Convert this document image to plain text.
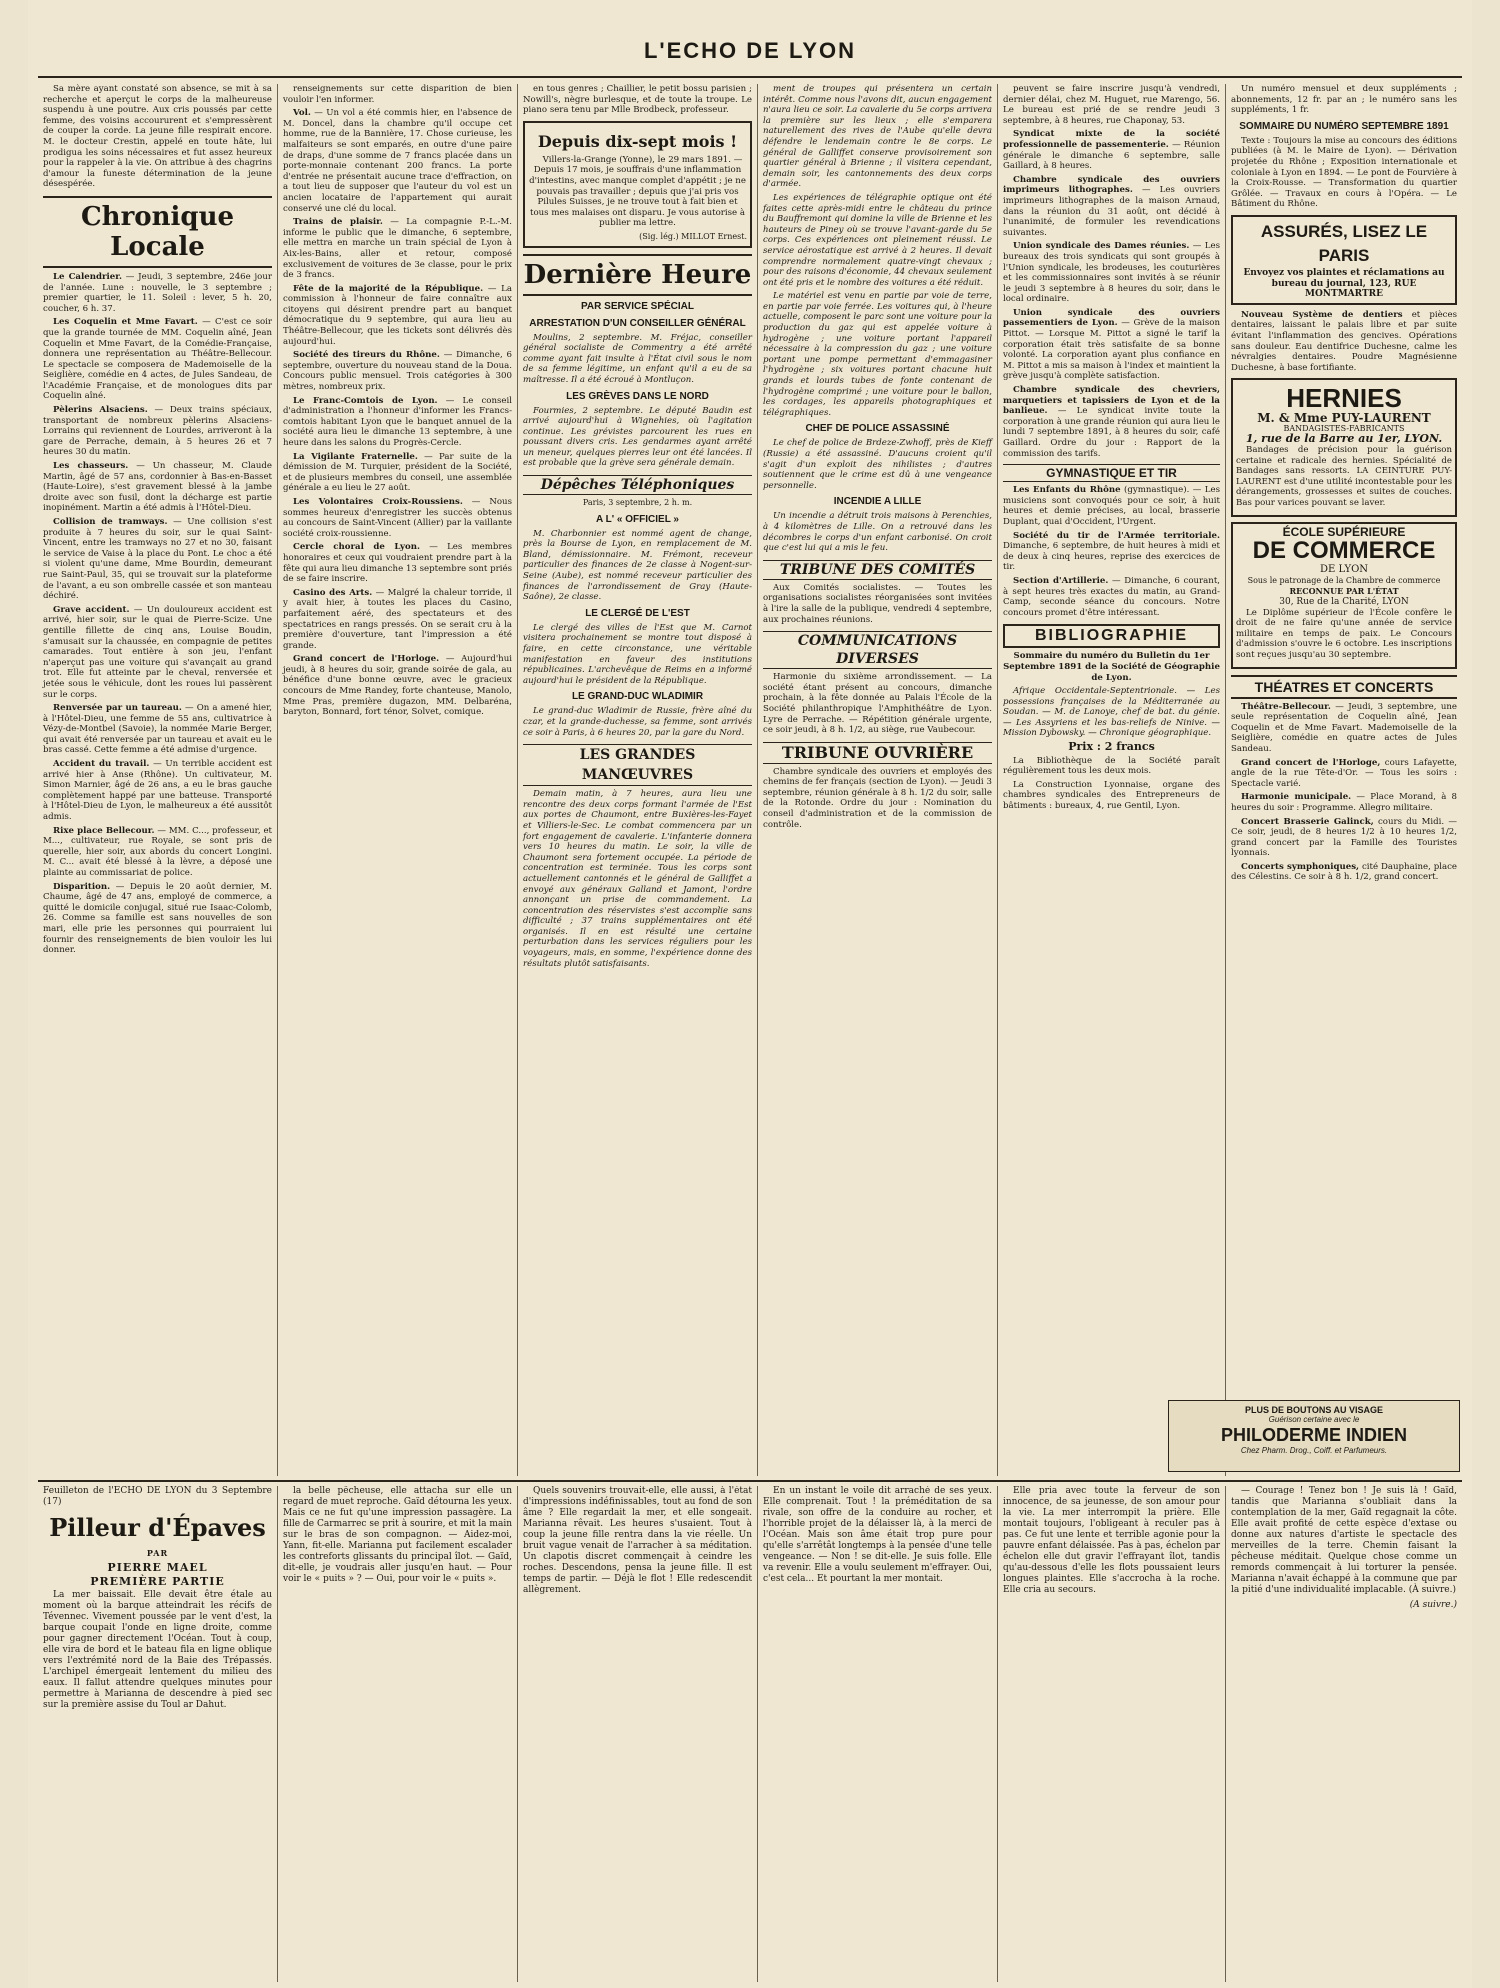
L'ECHO DE LYON

Sa mère ayant constaté son absence, se mit à sa recherche et aperçut le corps de la malheureuse suspendu à une poutre. Aux cris poussés par cette femme, des voisins accoururent et s'empressèrent de couper la corde. La jeune fille respirait encore. M. le docteur Crestin, appelé en toute hâte, lui prodigua les soins nécessaires et fut assez heureux pour la rappeler à la vie. On attribue à des chagrins d'amour la funeste détermination de la jeune désespérée.

Chronique Locale

Le Calendrier. — Jeudi, 3 septembre, 246e jour de l'année. Lune : nouvelle, le 3 septembre ; premier quartier, le 11. Soleil : lever, 5 h. 20, coucher, 6 h. 37.

Les Coquelin et Mme Favart. — C'est ce soir que la grande tournée de MM. Coquelin aîné, Jean Coquelin et Mme Favart, de la Comédie-Française, donnera une représentation au Théâtre-Bellecour. Le spectacle se composera de Mademoiselle de la Seiglière, comédie en 4 actes, de Jules Sandeau, de l'Académie Française, et de monologues dits par Coquelin aîné.

Pèlerins Alsaciens. — Deux trains spéciaux, transportant de nombreux pèlerins Alsaciens-Lorrains qui reviennent de Lourdes, arriveront à la gare de Perrache, demain, à 5 heures 26 et 7 heures 30 du matin.

Les chasseurs. — Un chasseur, M. Claude Martin, âgé de 57 ans, cordonnier à Bas-en-Basset (Haute-Loire), s'est gravement blessé à la jambe droite avec son fusil, dont la décharge est partie inopinément. Martin a été admis à l'Hôtel-Dieu.

Collision de tramways. — Une collision s'est produite à 7 heures du soir, sur le quai Saint-Vincent, entre les tramways no 27 et no 30, faisant le service de Vaise à la place du Pont. Le choc a été si violent qu'une dame, Mme Bourdin, demeurant rue Saint-Paul, 35, qui se trouvait sur la plateforme de l'avant, a eu son ombrelle cassée et son manteau déchiré.

Grave accident. — Un douloureux accident est arrivé, hier soir, sur le quai de Pierre-Scize. Une gentille fillette de cinq ans, Louise Boudin, s'amusait sur la chaussée, en compagnie de petites camarades. Tout entière à son jeu, l'enfant n'aperçut pas une voiture qui s'avançait au grand trot. Elle fut atteinte par le cheval, renversée et jetée sous le véhicule, dont les roues lui passèrent sur le corps.

Renversée par un taureau. — On a amené hier, à l'Hôtel-Dieu, une femme de 55 ans, cultivatrice à Vézy-de-Montbel (Savoie), la nommée Marie Berger, qui avait été renversée par un taureau et avait eu le bras cassé. Cette femme a été admise d'urgence.

Accident du travail. — Un terrible accident est arrivé hier à Anse (Rhône). Un cultivateur, M. Simon Marnier, âgé de 26 ans, a eu le bras gauche complètement happé par une batteuse. Transporté à l'Hôtel-Dieu de Lyon, le malheureux a été aussitôt admis.

Rixe place Bellecour. — MM. C..., professeur, et M..., cultivateur, rue Royale, se sont pris de querelle, hier soir, aux abords du concert Longini. M. C... avait été blessé à la lèvre, a déposé une plainte au commissariat de police.

Disparition. — Depuis le 20 août dernier, M. Chaume, âgé de 47 ans, employé de commerce, a quitté le domicile conjugal, situé rue Isaac-Colomb, 26. Comme sa famille est sans nouvelles de son mari, elle prie les personnes qui pourraient lui fournir des renseignements de bien vouloir les lui donner.

renseignements sur cette disparition de bien vouloir l'en informer.

Vol. — Un vol a été commis hier, en l'absence de M. Doncel, dans la chambre qu'il occupe cet homme, rue de la Bannière, 17. Chose curieuse, les malfaiteurs se sont emparés, en outre d'une paire de draps, d'une somme de 7 francs placée dans un porte-monnaie contenant 200 francs. La porte d'entrée ne présentait aucune trace d'effraction, on a tout lieu de supposer que l'auteur du vol est un ancien locataire de l'appartement qui aurait conservé une clé du local.

Trains de plaisir. — La compagnie P.-L.-M. informe le public que le dimanche, 6 septembre, elle mettra en marche un train spécial de Lyon à Aix-les-Bains, aller et retour, composé exclusivement de voitures de 3e classe, pour le prix de 3 francs.

Fête de la majorité de la République. — La commission à l'honneur de faire connaître aux citoyens qui désirent prendre part au banquet démocratique du 9 septembre, qui aura lieu au Théâtre-Bellecour, que les tickets sont délivrés dès aujourd'hui.

Société des tireurs du Rhône. — Dimanche, 6 septembre, ouverture du nouveau stand de la Doua. Concours public mensuel. Trois catégories à 300 mètres, nombreux prix.

Le Franc-Comtois de Lyon. — Le conseil d'administration a l'honneur d'informer les Francs-comtois habitant Lyon que le banquet annuel de la société aura lieu le dimanche 13 septembre, à une heure dans les salons du Progrès-Cercle.

La Vigilante Fraternelle. — Par suite de la démission de M. Turquier, président de la Société, et de plusieurs membres du conseil, une assemblée générale a eu lieu le 27 août.

Les Volontaires Croix-Roussiens. — Nous sommes heureux d'enregistrer les succès obtenus au concours de Saint-Vincent (Allier) par la vaillante société croix-roussienne.

Cercle choral de Lyon. — Les membres honoraires et ceux qui voudraient prendre part à la fête qui aura lieu dimanche 13 septembre sont priés de se faire inscrire.

Casino des Arts. — Malgré la chaleur torride, il y avait hier, à toutes les places du Casino, parfaitement aéré, des spectateurs et des spectatrices en rangs pressés. On se serait cru à la première d'ouverture, tant l'impression a été grande.

Grand concert de l'Horloge. — Aujourd'hui jeudi, à 8 heures du soir, grande soirée de gala, au bénéfice d'une bonne œuvre, avec le gracieux concours de Mme Randey, forte chanteuse, Manolo, Mme Pras, première dugazon, MM. Delbaréna, baryton, Bonnard, fort ténor, Solvet, comique.

en tous genres ; Chaillier, le petit bossu parisien ; Nowill's, nègre burlesque, et de toute la troupe. Le piano sera tenu par Mlle Brodbeck, professeur.

Depuis dix-sept mois !

Villers-la-Grange (Yonne), le 29 mars 1891. — Depuis 17 mois, je souffrais d'une inflammation d'intestins, avec manque complet d'appétit ; je ne pouvais pas travailler ; depuis que j'ai pris vos Pilules Suisses, je ne trouve tout à fait bien et tous mes malaises ont disparu. Je vous autorise à publier ma lettre.

(Sig. lég.) MILLOT Ernest.
Dernière Heure
PAR SERVICE SPÉCIAL
ARRESTATION D'UN CONSEILLER GÉNÉRAL

Moulins, 2 septembre. M. Fréjac, conseiller général socialiste de Commentry a été arrêté comme ayant fait insulte à l'État civil sous le nom de sa femme légitime, un enfant qu'il a eu de sa maîtresse. Il a été écroué à Montluçon.

LES GRÈVES DANS LE NORD

Fourmies, 2 septembre. Le député Baudin est arrivé aujourd'hui à Wignehies, où l'agitation continue. Les grévistes parcourent les rues en poussant divers cris. Les gendarmes ayant arrêté un meneur, quelques pierres leur ont été lancées. Il est probable que la grève sera générale demain.

Dépêches Téléphoniques
Paris, 3 septembre, 2 h. m.
A L' « OFFICIEL »

M. Charbonnier est nommé agent de change, près la Bourse de Lyon, en remplacement de M. Bland, démissionnaire. M. Frémont, receveur particulier des finances de 2e classe à Nogent-sur-Seine (Aube), est nommé receveur particulier des finances de l'arrondissement de Gray (Haute-Saône), 2e classe.

LE CLERGÉ DE L'EST

Le clergé des villes de l'Est que M. Carnot visitera prochainement se montre tout disposé à faire, en cette circonstance, une véritable manifestation en faveur des institutions républicaines. L'archevêque de Reims en a informé aujourd'hui le président de la République.

LE GRAND-DUC WLADIMIR

Le grand-duc Wladimir de Russie, frère aîné du czar, et la grande-duchesse, sa femme, sont arrivés ce soir à Paris, à 6 heures 20, par la gare du Nord.

LES GRANDES MANŒUVRES

Demain matin, à 7 heures, aura lieu une rencontre des deux corps formant l'armée de l'Est aux portes de Chaumont, entre Buxières-les-Fayet et Villiers-le-Sec. Le combat commencera par un fort engagement de cavalerie. L'infanterie donnera vers 10 heures du matin. Le soir, la ville de Chaumont sera fortement occupée. La période de concentration est terminée. Tous les corps sont actuellement cantonnés et le général de Galliffet a envoyé aux généraux Galland et Jamont, l'ordre annonçant un prise de commandement. La concentration des réservistes s'est accomplie sans difficulté ; 37 trains supplémentaires ont été organisés. Il en est résulté une certaine perturbation dans les services réguliers pour les voyageurs, mais, en somme, l'expérience donne des résultats plutôt satisfaisants.

ment de troupes qui présentera un certain intérêt. Comme nous l'avons dit, aucun engagement n'aura lieu ce soir. La cavalerie du 5e corps arrivera la première sur les lieux ; elle s'emparera naturellement des rives de l'Aube qu'elle devra défendre le lendemain contre le 8e corps. Le général de Galliffet conserve provisoirement son quartier général à Brienne ; il visitera cependant, demain soir, les cantonnements des deux corps d'armée.

Les expériences de télégraphie optique ont été faites cette après-midi entre le château du prince du Bauffremont qui domine la ville de Brienne et les hauteurs de Piney où se trouve l'avant-garde du 5e corps. Ces expériences ont pleinement réussi. Le service aérostatique est arrivé à 2 heures. Il devait comprendre normalement quatre-vingt chevaux ; pour des raisons d'économie, 44 chevaux seulement ont été pris et le nombre des voitures a été réduit.

Le matériel est venu en partie par voie de terre, en partie par voie ferrée. Les voitures qui, à l'heure actuelle, composent le parc sont une voiture pour la production du gaz qui est appelée voiture à hydrogène ; une voiture portant l'appareil nécessaire à la compression du gaz ; une voiture portant une pompe permettant d'emmagasiner l'hydrogène ; six voitures portant chacune huit grands et lourds tubes de fonte contenant de l'hydrogène comprimé ; une voiture pour le ballon, les cordages, les appareils photographiques et télégraphiques.

CHEF DE POLICE ASSASSINÉ

Le chef de police de Brdeze-Zwhoff, près de Kieff (Russie) a été assassiné. D'aucuns croient qu'il s'agit d'un exploit des nihilistes ; d'autres soutiennent que le crime est dû à une vengeance personnelle.

INCENDIE A LILLE

Un incendie a détruit trois maisons à Perenchies, à 4 kilomètres de Lille. On a retrouvé dans les décombres le corps d'un enfant carbonisé. On croit que c'est lui qui a mis le feu.

TRIBUNE DES COMITÉS

Aux Comités socialistes. — Toutes les organisations socialistes réorganisées sont invitées à l'ire la salle de la publique, vendredi 4 septembre, aux prochaines réunions.

COMMUNICATIONS DIVERSES

Harmonie du sixième arrondissement. — La société étant présent au concours, dimanche prochain, à la fête donnée au Palais l'École de la Société philanthropique l'Amphithéâtre de Lyon. Lyre de Perrache. — Répétition générale urgente, ce soir jeudi, à 8 h. 1/2, au siège, rue Vaubecour.

TRIBUNE OUVRIÈRE

Chambre syndicale des ouvriers et employés des chemins de fer français (section de Lyon). — Jeudi 3 septembre, réunion générale à 8 h. 1/2 du soir, salle de la Rotonde. Ordre du jour : Nomination du conseil d'administration et de la commission de contrôle.

peuvent se faire inscrire jusqu'à vendredi, dernier délai, chez M. Huguet, rue Marengo, 56. Le bureau est prié de se rendre jeudi 3 septembre, à 8 heures, rue Chaponay, 53.

Syndicat mixte de la société professionnelle de passementerie. — Réunion générale le dimanche 6 septembre, salle Gaillard, à 8 heures.

Chambre syndicale des ouvriers imprimeurs lithographes. — Les ouvriers imprimeurs lithographes de la maison Arnaud, dans la réunion du 31 août, ont décidé à l'unanimité, de formuler les revendications suivantes.

Union syndicale des Dames réunies. — Les bureaux des trois syndicats qui sont groupés à l'Union syndicale, les brodeuses, les couturières et les commissionnaires sont invités à se réunir le jeudi 3 septembre à 8 heures du soir, dans le local ordinaire.

Union syndicale des ouvriers passementiers de Lyon. — Grève de la maison Pittot. — Lorsque M. Pittot a signé le tarif la corporation était très satisfaite de sa bonne volonté. La corporation ayant plus confiance en M. Pittot a mis sa maison à l'index et maintient la grève jusqu'à complète satisfaction.

Chambre syndicale des chevriers, marquetiers et tapissiers de Lyon et de la banlieue. — Le syndicat invite toute la corporation à une grande réunion qui aura lieu le lundi 7 septembre 1891, à 8 heures du soir, café Gaillard. Ordre du jour : Rapport de la commission des tarifs.

GYMNASTIQUE ET TIR

Les Enfants du Rhône (gymnastique). — Les musiciens sont convoqués pour ce soir, à huit heures et demie précises, au local, brasserie Duplant, quai d'Occident, l'Urgent.

Société du tir de l'Armée territoriale. Dimanche, 6 septembre, de huit heures à midi et de deux à cinq heures, reprise des exercices de tir.

Section d'Artillerie. — Dimanche, 6 courant, à sept heures très exactes du matin, au Grand-Camp, seconde séance du concours. Notre concours promet d'être intéressant.

BIBLIOGRAPHIE

Sommaire du numéro du Bulletin du 1er Septembre 1891 de la Société de Géographie de Lyon.

Afrique Occidentale-Septentrionale. — Les possessions françaises de la Méditerranée au Soudan. — M. de Lanoye, chef de bat. du génie. — Les Assyriens et les bas-reliefs de Ninive. — Mission Dybowsky. — Chronique géographique.

Prix : 2 francs

La Bibliothèque de la Société paraît régulièrement tous les deux mois.

La Construction Lyonnaise, organe des chambres syndicales des Entrepreneurs de bâtiments : bureaux, 4, rue Gentil, Lyon.

Un numéro mensuel et deux suppléments ; abonnements, 12 fr. par an ; le numéro sans les suppléments, 1 fr.

SOMMAIRE DU NUMÉRO SEPTEMBRE 1891

Texte : Toujours la mise au concours des éditions publiées (à M. le Maire de Lyon). — Dérivation projetée du Rhône ; Exposition internationale et coloniale à Lyon en 1894. — Le pont de Fourvière à la Croix-Rousse. — Transformation du quartier Grôlée. — Travaux en cours à l'Opéra. — Le Bâtiment du Rhône.

ASSURÉS, LISEZ LE PARIS
Envoyez vos plaintes et réclamations au bureau du journal, 123, RUE MONTMARTRE

Nouveau Système de dentiers et pièces dentaires, laissant le palais libre et par suite évitant l'inflammation des gencives. Opérations sans douleur. Eau dentifrice Duchesne, calme les névralgies dentaires. Poudre Magnésienne Duchesne, à base fortifiante.

HERNIES
M. & Mme PUY-LAURENT
BANDAGISTES-FABRICANTS
1, rue de la Barre au 1er, LYON.

Bandages de précision pour la guérison certaine et radicale des hernies. Spécialité de Bandages sans ressorts. LA CEINTURE PUY-LAURENT est d'une utilité incontestable pour les dérangements, grossesses et suites de couches. Bas pour varices pouvant se laver.

ÉCOLE SUPÉRIEURE
DE COMMERCE
DE LYON
Sous le patronage de la Chambre de commerce
RECONNUE PAR L'ÉTAT
30, Rue de la Charité, LYON

Le Diplôme supérieur de l'École confère le droit de ne faire qu'une année de service militaire en temps de paix. Le Concours d'admission s'ouvre le 6 octobre. Les inscriptions sont reçues jusqu'au 30 septembre.

THÉATRES ET CONCERTS

Théâtre-Bellecour. — Jeudi, 3 septembre, une seule représentation de Coquelin aîné, Jean Coquelin et de Mme Favart. Mademoiselle de la Seiglière, comédie en quatre actes de Jules Sandeau.

Grand concert de l'Horloge, cours Lafayette, angle de la rue Tête-d'Or. — Tous les soirs : Spectacle varié.

Harmonie municipale. — Place Morand, à 8 heures du soir : Programme. Allegro militaire.

Concert Brasserie Galinck, cours du Midi. — Ce soir, jeudi, de 8 heures 1/2 à 10 heures 1/2, grand concert par la Famille des Touristes lyonnais.

Concerts symphoniques, cité Dauphaine, place des Célestins. Ce soir à 8 h. 1/2, grand concert.

PLUS DE BOUTONS AU VISAGE
Guérison certaine avec le
PHILODERME INDIEN
Chez Pharm. Drog., Coiff. et Parfumeurs.
Feuilleton de l'ECHO DE LYON du 3 Septembre (17)
Pilleur d'Épaves
PAR
PIERRE MAEL
PREMIÈRE PARTIE

La mer baissait. Elle devait être étale au moment où la barque atteindrait les récifs de Tévennec. Vivement poussée par le vent d'est, la barque coupait l'onde en ligne droite, comme pour gagner directement l'Océan. Tout à coup, elle vira de bord et le bateau fila en ligne oblique vers l'extrémité nord de la Baie des Trépassés. L'archipel émergeait lentement du milieu des eaux. Il fallut attendre quelques minutes pour permettre à Marianna de descendre à pied sec sur la première assise du Toul ar Dahut.

la belle pêcheuse, elle attacha sur elle un regard de muet reproche. Gaïd détourna les yeux. Mais ce ne fut qu'une impression passagère. La fille de Carmarrec se prit à sourire, et mit la main sur le bras de son compagnon. — Aidez-moi, Yann, fit-elle. Marianna put facilement escalader les contreforts glissants du principal îlot. — Gaïd, dit-elle, je voudrais aller jusqu'en haut. — Pour voir le « puits » ? — Oui, pour voir le « puits ».

Quels souvenirs trouvait-elle, elle aussi, à l'état d'impressions indéfinissables, tout au fond de son âme ? Elle regardait la mer, et elle songeait. Marianna rêvait. Les heures s'usaient. Tout à coup la jeune fille rentra dans la vie réelle. Un bruit vague venait de l'arracher à sa méditation. Un clapotis discret commençait à ceindre les roches. Descendons, pensa la jeune fille. Il est temps de partir. — Déjà le flot ! Elle redescendit allègrement.

En un instant le voile dit arraché de ses yeux. Elle comprenait. Tout ! la préméditation de sa rivale, son offre de la conduire au rocher, et l'horrible projet de la délaisser là, à la merci de l'Océan. Mais son âme était trop pure pour qu'elle s'arrêtât longtemps à la pensée d'une telle vengeance. — Non ! se dit-elle. Je suis folle. Elle va revenir. Elle a voulu seulement m'effrayer. Oui, c'est cela... Et pourtant la mer montait.

Elle pria avec toute la ferveur de son innocence, de sa jeunesse, de son amour pour la vie. La mer interrompit la prière. Elle montait toujours, l'obligeant à reculer pas à pas. Ce fut une lente et terrible agonie pour la pauvre enfant délaissée. Pas à pas, échelon par échelon elle dut gravir l'effrayant îlot, tandis qu'au-dessous d'elle les flots poussaient leurs longues plaintes. Elle s'accrocha à la roche. Elle cria au secours.

— Courage ! Tenez bon ! Je suis là ! Gaïd, tandis que Marianna s'oubliait dans la contemplation de la mer, Gaïd regagnait la côte. Elle avait profité de cette espèce d'extase ou donne aux natures d'artiste le spectacle des merveilles de la terre. Chemin faisant la pêcheuse méditait. Quelque chose comme un remords commençait à lui torturer la pensée. Marianna n'avait échappé à la commune que par la pitié d'une individualité implacable. (À suivre.)

(A suivre.)
